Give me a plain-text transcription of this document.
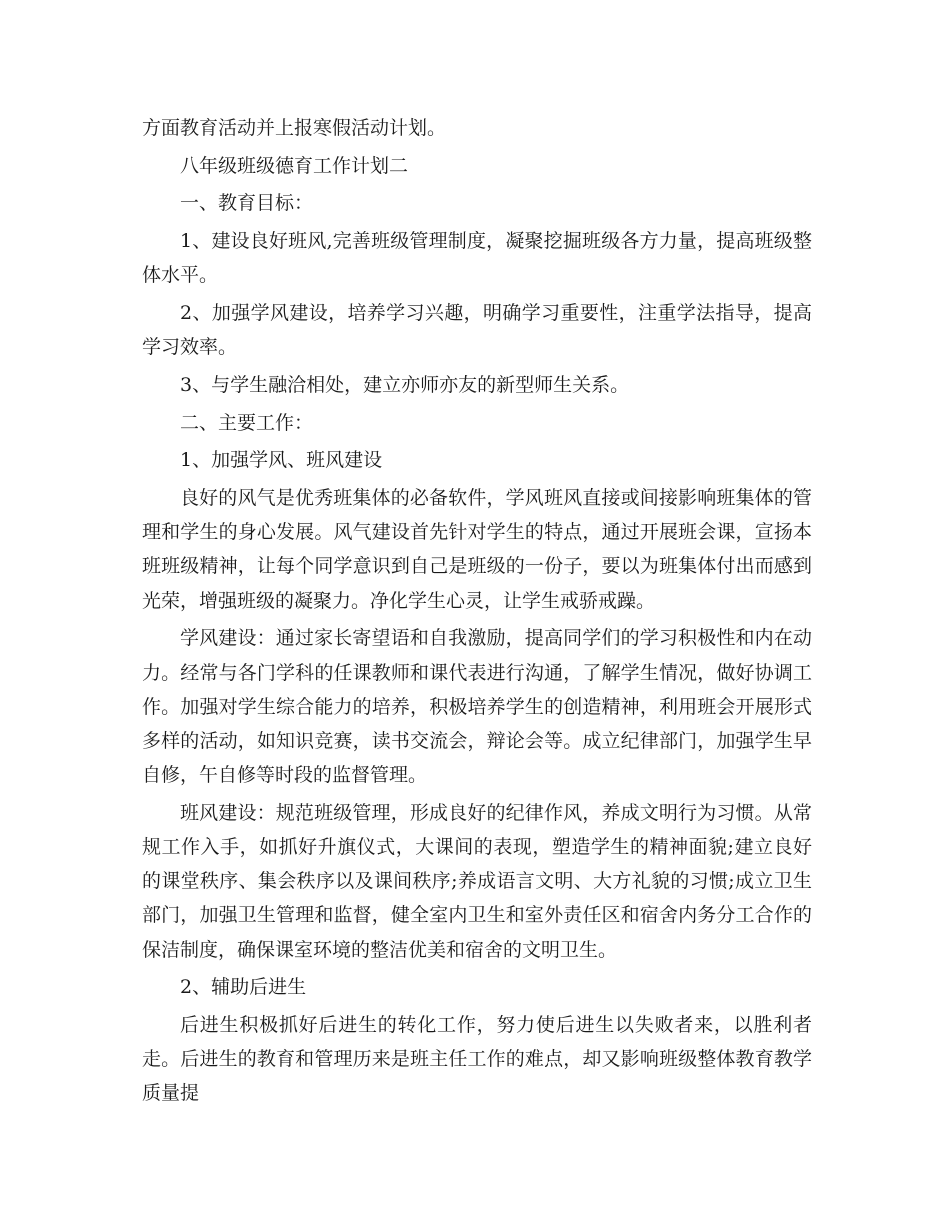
方面教育活动并上报寒假活动计划。

八年级班级德育工作计划二

一、教育目标：

1、建设良好班风,完善班级管理制度，凝聚挖掘班级各方力量，提高班级整体水平。

2、加强学风建设，培养学习兴趣，明确学习重要性，注重学法指导，提高学习效率。

3、与学生融洽相处，建立亦师亦友的新型师生关系。

二、主要工作：

1、加强学风、班风建设

良好的风气是优秀班集体的必备软件，学风班风直接或间接影响班集体的管理和学生的身心发展。风气建设首先针对学生的特点，通过开展班会课，宣扬本班班级精神，让每个同学意识到自己是班级的一份子，要以为班集体付出而感到光荣，增强班级的凝聚力。净化学生心灵，让学生戒骄戒躁。

学风建设：通过家长寄望语和自我激励，提高同学们的学习积极性和内在动力。经常与各门学科的任课教师和课代表进行沟通，了解学生情况，做好协调工作。加强对学生综合能力的培养，积极培养学生的创造精神，利用班会开展形式多样的活动，如知识竞赛，读书交流会，辩论会等。成立纪律部门，加强学生早自修，午自修等时段的监督管理。

班风建设：规范班级管理，形成良好的纪律作风，养成文明行为习惯。从常规工作入手，如抓好升旗仪式，大课间的表现，塑造学生的精神面貌;建立良好的课堂秩序、集会秩序以及课间秩序;养成语言文明、大方礼貌的习惯;成立卫生部门，加强卫生管理和监督，健全室内卫生和室外责任区和宿舍内务分工合作的保洁制度，确保课室环境的整洁优美和宿舍的文明卫生。

2、辅助后进生

后进生积极抓好后进生的转化工作，努力使后进生以失败者来，以胜利者走。后进生的教育和管理历来是班主任工作的难点，却又影响班级整体教育教学质量提
